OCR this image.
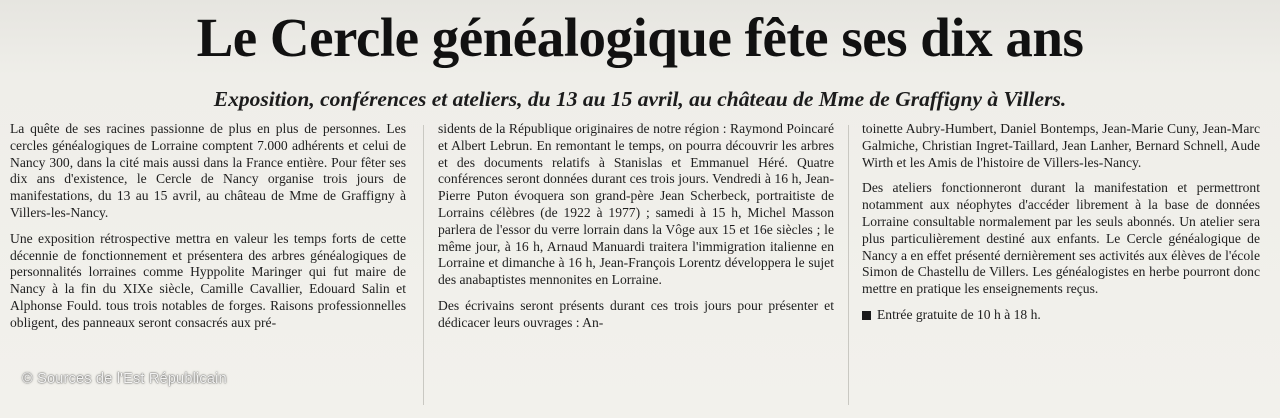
Le Cercle généalogique fête ses dix ans
Exposition, conférences et ateliers, du 13 au 15 avril, au château de Mme de Graffigny à Villers.

La quête de ses racines passionne de plus en plus de personnes. Les cercles généalogiques de Lorraine comptent 7.000 adhérents et celui de Nancy 300, dans la cité mais aussi dans la France entière. Pour fêter ses dix ans d'existence, le Cercle de Nancy organise trois jours de manifestations, du 13 au 15 avril, au château de Mme de Graffigny à Villers-les-Nancy.

Une exposition rétrospective mettra en valeur les temps forts de cette décennie de fonctionnement et présentera des arbres généalogiques de personnalités lorraines comme Hyppolite Maringer qui fut maire de Nancy à la fin du XIXe siècle, Camille Cavallier, Edouard Salin et Alphonse Fould. tous trois notables de forges. Raisons professionnelles obligent, des panneaux seront consacrés aux pré-

sidents de la République originaires de notre région : Raymond Poincaré et Albert Lebrun. En remontant le temps, on pourra découvrir les arbres et des documents relatifs à Stanislas et Emmanuel Héré. Quatre conférences seront données durant ces trois jours. Vendredi à 16 h, Jean-Pierre Puton évoquera son grand-père Jean Scherbeck, portraitiste de Lorrains célèbres (de 1922 à 1977) ; samedi à 15 h, Michel Masson parlera de l'essor du verre lorrain dans la Vôge aux 15 et 16e siècles ; le même jour, à 16 h, Arnaud Manuardi traitera l'immigration italienne en Lorraine et dimanche à 16 h, Jean-François Lorentz développera le sujet des anabaptistes mennonites en Lorraine.

Des écrivains seront présents durant ces trois jours pour présenter et dédicacer leurs ouvrages : An-

toinette Aubry-Humbert, Daniel Bontemps, Jean-Marie Cuny, Jean-Marc Galmiche, Christian Ingret-Taillard, Jean Lanher, Bernard Schnell, Aude Wirth et les Amis de l'histoire de Villers-les-Nancy.

Des ateliers fonctionneront durant la manifestation et permettront notamment aux néophytes d'accéder librement à la base de données Lorraine consultable normalement par les seuls abonnés. Un atelier sera plus particulièrement destiné aux enfants. Le Cercle généalogique de Nancy a en effet présenté dernièrement ses activités aux élèves de l'école Simon de Chastellu de Villers. Les généalogistes en herbe pourront donc mettre en pratique les enseignements reçus.

Entrée gratuite de 10 h à 18 h.
© Sources de l'Est Républicain
